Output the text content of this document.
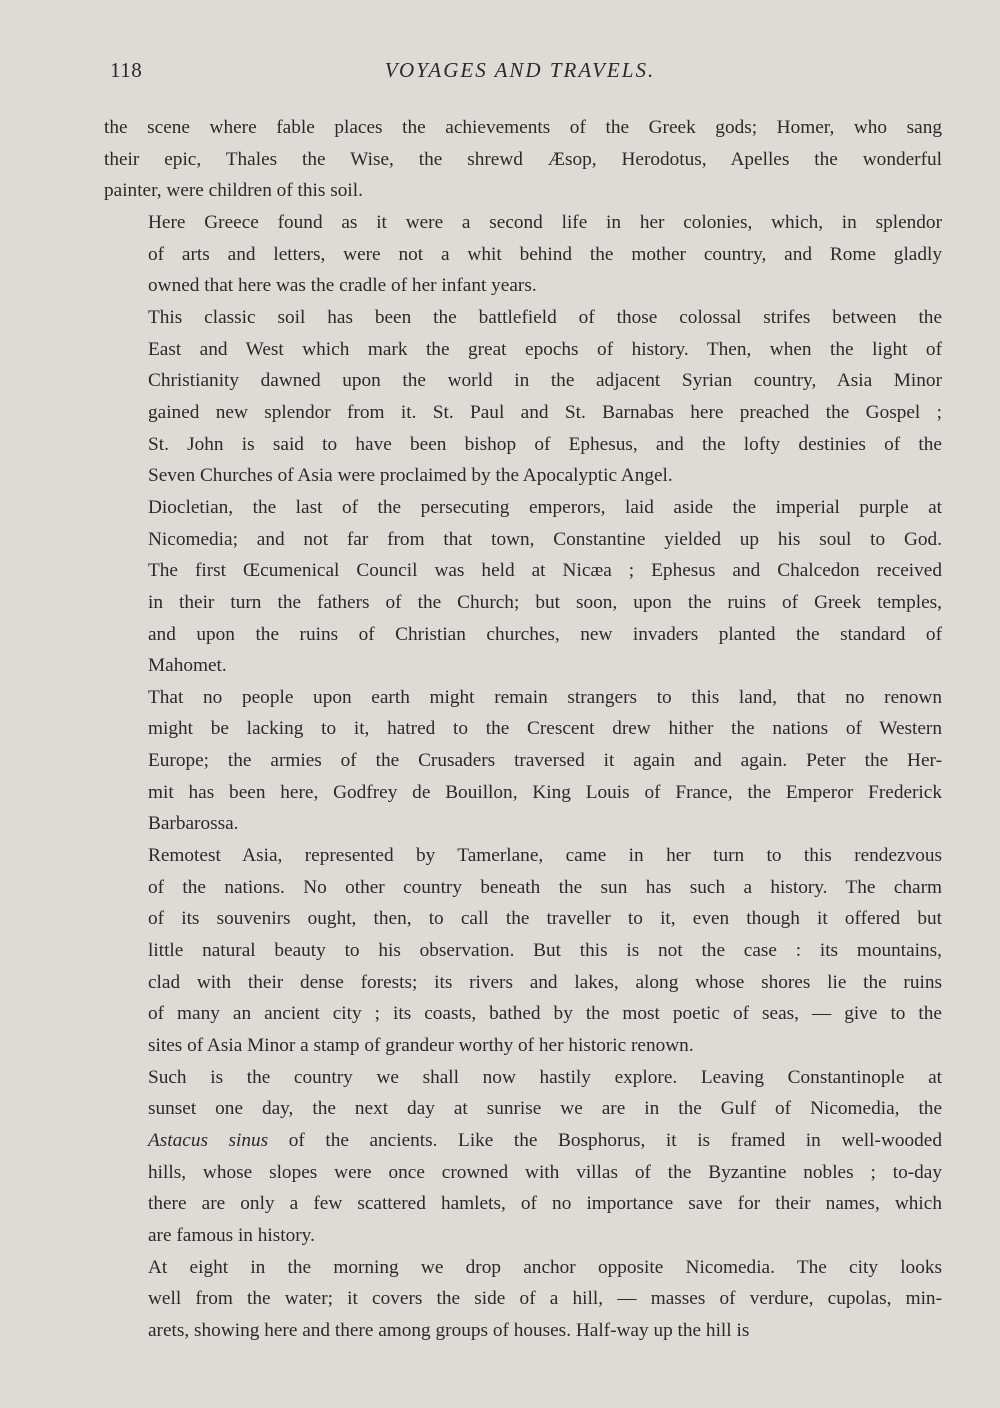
118	VOYAGES AND TRAVELS.

the scene where fable places the achievements of the Greek gods; Homer, who sang
their epic, Thales the Wise, the shrewd Æsop, Herodotus, Apelles the wonderful
painter, were children of this soil.

Here Greece found as it were a second life in her colonies, which, in splendor
of arts and letters, were not a whit behind the mother country, and Rome gladly
owned that here was the cradle of her infant years.

This classic soil has been the battlefield of those colossal strifes between the
East and West which mark the great epochs of history. Then, when the light of
Christianity dawned upon the world in the adjacent Syrian country, Asia Minor
gained new splendor from it. St. Paul and St. Barnabas here preached the Gospel ;
St. John is said to have been bishop of Ephesus, and the lofty destinies of the
Seven Churches of Asia were proclaimed by the Apocalyptic Angel.

Diocletian, the last of the persecuting emperors, laid aside the imperial purple at
Nicomedia; and not far from that town, Constantine yielded up his soul to God.
The first Œcumenical Council was held at Nicæa ; Ephesus and Chalcedon received
in their turn the fathers of the Church; but soon, upon the ruins of Greek temples,
and upon the ruins of Christian churches, new invaders planted the standard of
Mahomet.

That no people upon earth might remain strangers to this land, that no renown
might be lacking to it, hatred to the Crescent drew hither the nations of Western
Europe; the armies of the Crusaders traversed it again and again. Peter the Her-
mit has been here, Godfrey de Bouillon, King Louis of France, the Emperor Frederick
Barbarossa.

Remotest Asia, represented by Tamerlane, came in her turn to this rendezvous
of the nations. No other country beneath the sun has such a history. The charm
of its souvenirs ought, then, to call the traveller to it, even though it offered but
little natural beauty to his observation. But this is not the case : its mountains,
clad with their dense forests; its rivers and lakes, along whose shores lie the ruins
of many an ancient city ; its coasts, bathed by the most poetic of seas, — give to the
sites of Asia Minor a stamp of grandeur worthy of her historic renown.

Such is the country we shall now hastily explore. Leaving Constantinople at
sunset one day, the next day at sunrise we are in the Gulf of Nicomedia, the
Astacus sinus of the ancients. Like the Bosphorus, it is framed in well-wooded
hills, whose slopes were once crowned with villas of the Byzantine nobles ; to-day
there are only a few scattered hamlets, of no importance save for their names, which
are famous in history.

At eight in the morning we drop anchor opposite Nicomedia. The city looks
well from the water; it covers the side of a hill, — masses of verdure, cupolas, min-
arets, showing here and there among groups of houses. Half-way up the hill is
